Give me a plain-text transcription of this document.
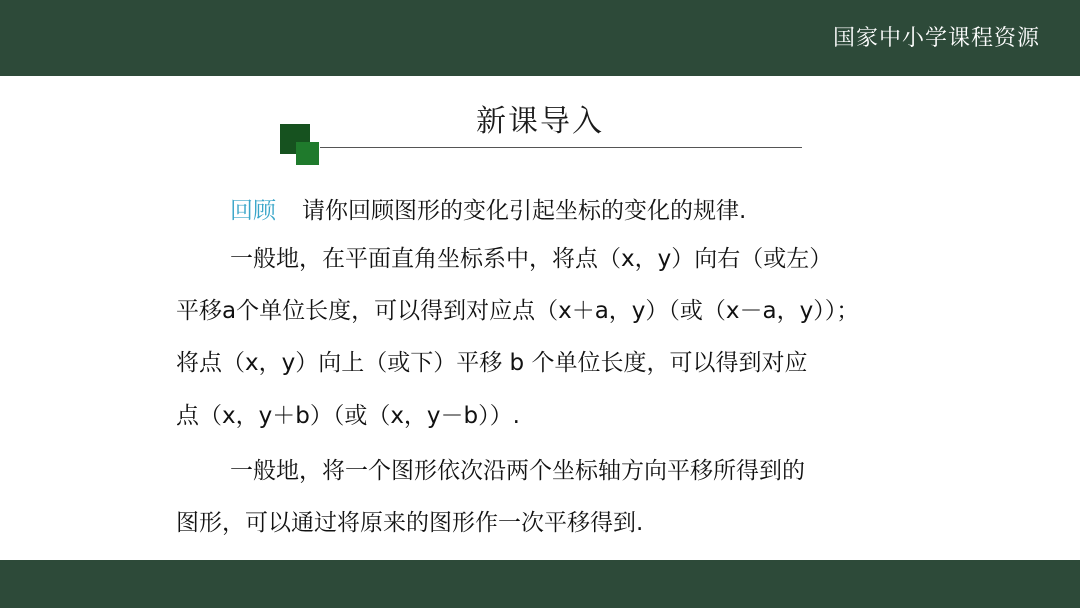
国家中小学课程资源
新课导入
回顾 请你回顾图形的变化引起坐标的变化的规律.
一般地，在平面直角坐标系中，将点（x，y）向右（或左）
平移a个单位长度，可以得到对应点（x＋a，y）（或（x－a，y））；
将点（x，y）向上（或下）平移 b 个单位长度，可以得到对应
点（x，y＋b）（或（x，y－b））.
一般地，将一个图形依次沿两个坐标轴方向平移所得到的
图形，可以通过将原来的图形作一次平移得到.
